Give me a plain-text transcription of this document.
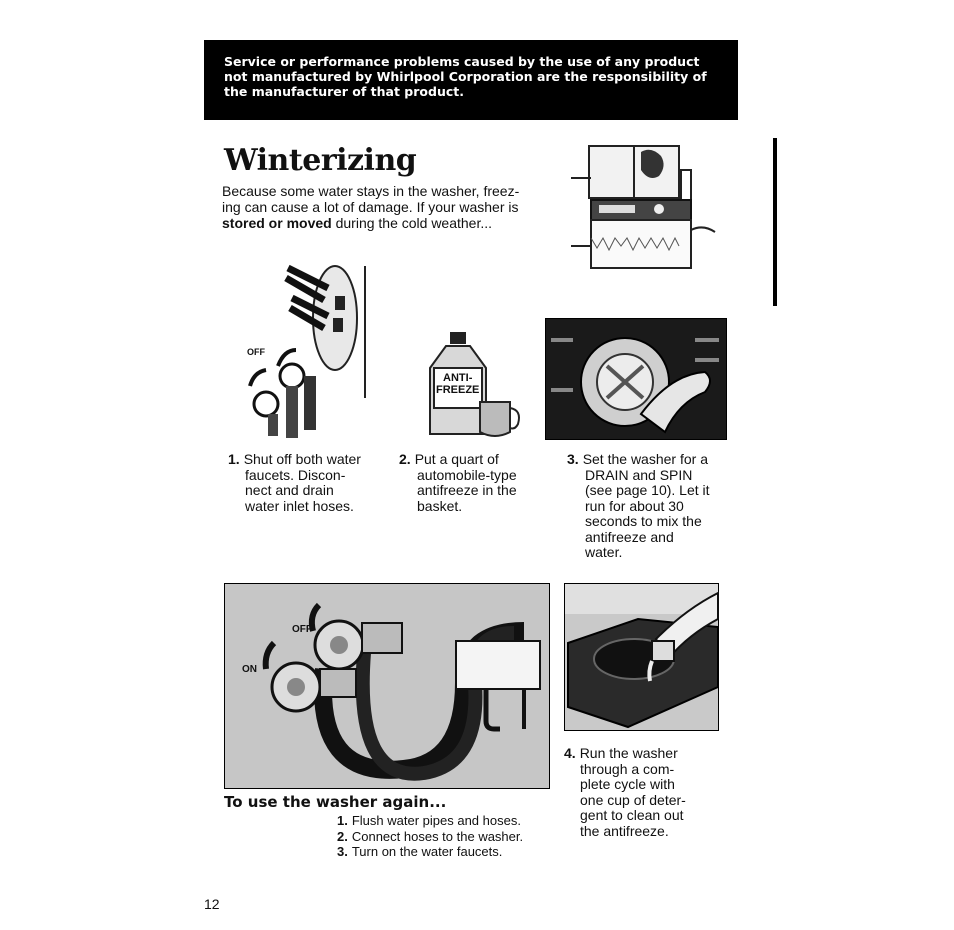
Service or performance problems caused by the use of any product
not manufactured by Whirlpool Corporation are the responsibility of
the manufacturer of that product.
Winterizing
Because some water stays in the washer, freez-
ing can cause a lot of damage. If your washer is
stored or moved during the cold weather...
OFF
ANTI-
FREEZE
1. Shut off both water
faucets. Discon-
nect and drain
water inlet hoses.
2. Put a quart of
automobile-type
antifreeze in the
basket.
3. Set the washer for a
DRAIN and SPIN
(see page 10). Let it
run for about 30
seconds to mix the
antifreeze and
water.
OFF
ON
4. Run the washer
through a com-
plete cycle with
one cup of deter-
gent to clean out
the antifreeze.
To use the washer again...
1. Flush water pipes and hoses.
2. Connect hoses to the washer.
3. Turn on the water faucets.
12
